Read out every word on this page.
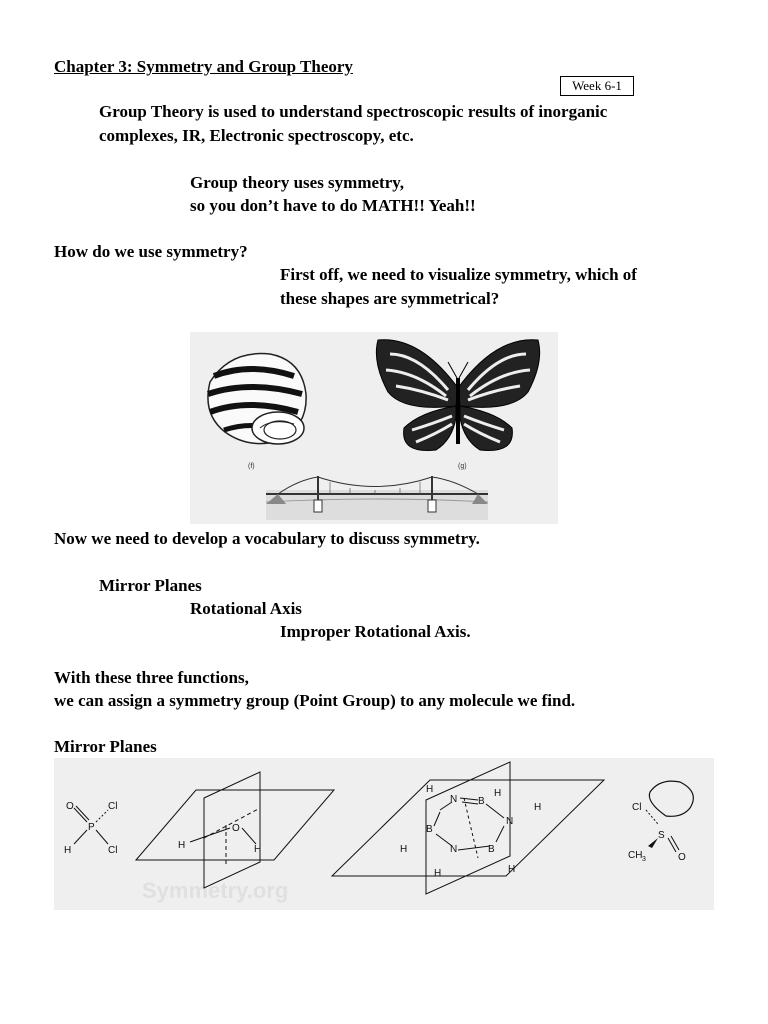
Chapter 3: Symmetry and Group Theory
Week 6-1
Group Theory is used to understand spectroscopic results of inorganic
complexes, IR, Electronic spectroscopy, etc.
Group theory uses symmetry,
so you don’t have to do MATH!! Yeah!!
How do we use symmetry?
First off, we need to visualize symmetry, which of
these shapes are symmetrical?
(f)	(g)
Now we need to develop a vocabulary to discuss symmetry.
Mirror Planes
Rotational Axis
Improper Rotational Axis.
With these three functions,
we can assign a symmetry group (Point Group) to any molecule we find.
Mirror Planes
Symmetry.org
O
P
Cl
Cl
H
O
H	H
H
N B
H
N
H
B
H
N
H
B
H
Cl
S
O
CH 3
